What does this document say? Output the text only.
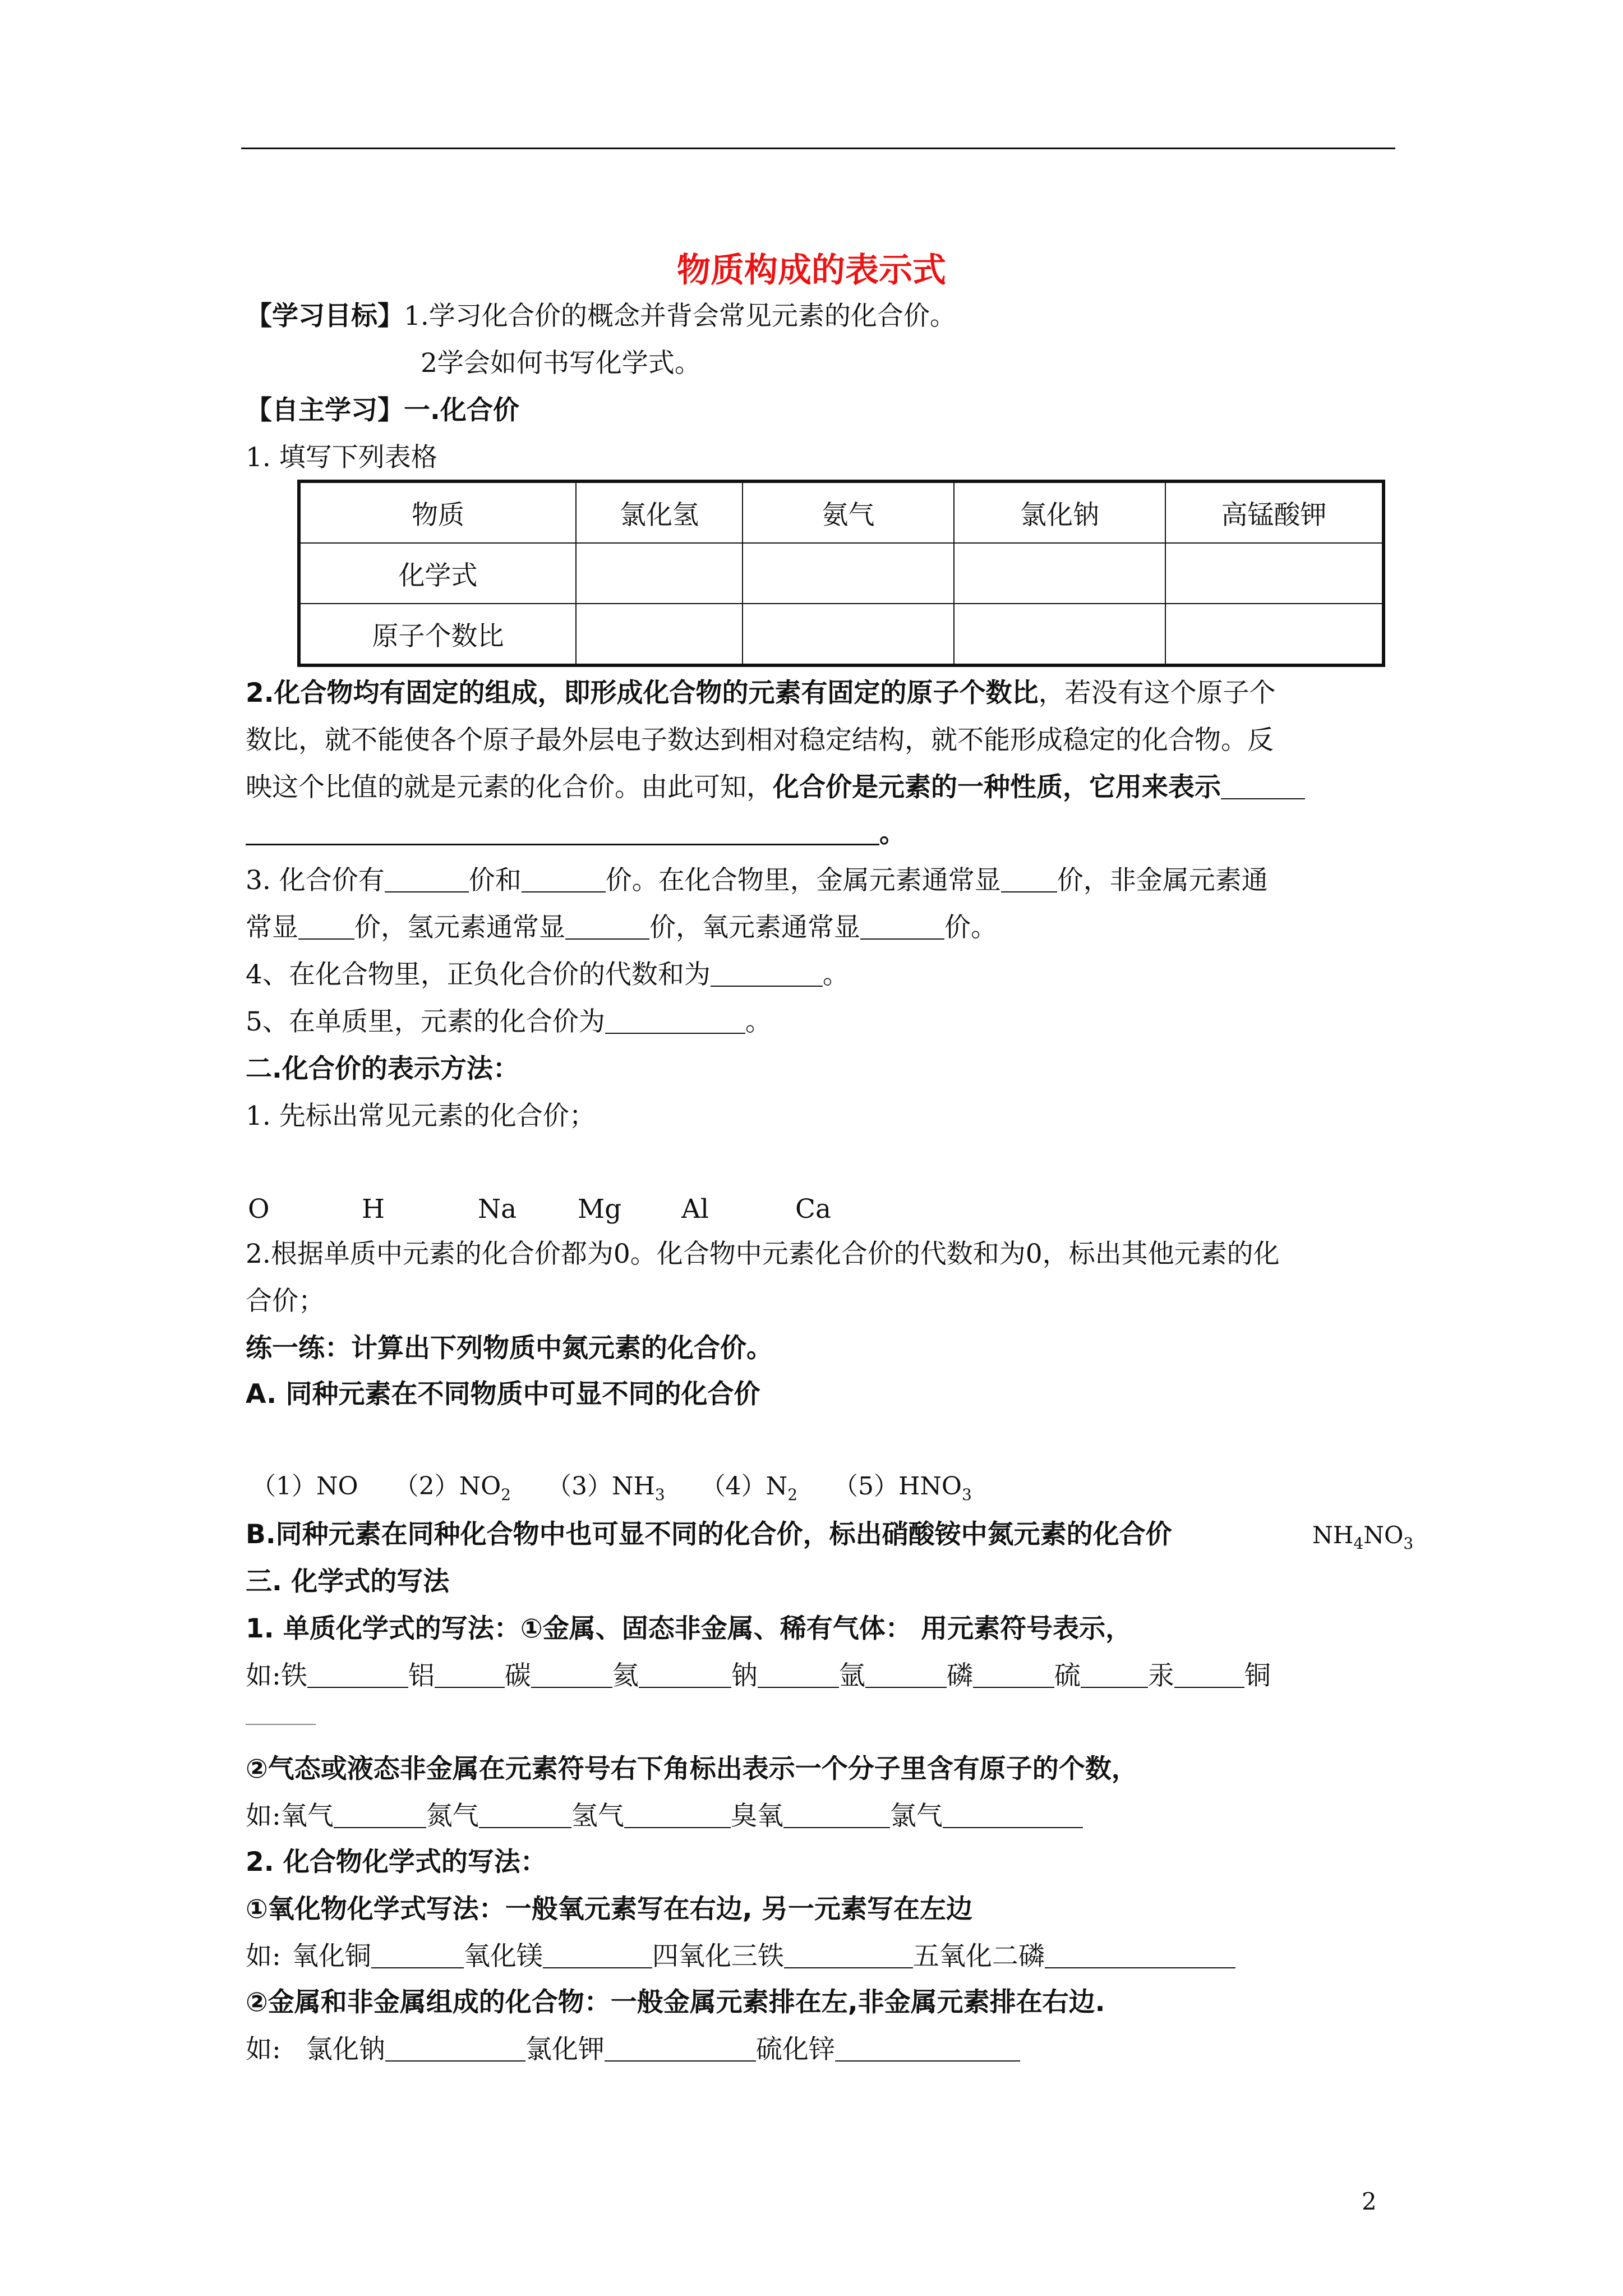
物质构成的表示式
【学习目标】1.学习化合价的概念并背会常见元素的化合价。
2学会如何书写化学式。
【自主学习】一.化合价
1. 填写下列表格
物质	氯化氢	氨气	氯化钠	高锰酸钾
化学式				
原子个数比				
2.化合物均有固定的组成，即形成化合物的元素有固定的原子个数比，若没有这个原子个
数比，就不能使各个原子最外层电子数达到相对稳定结构，就不能形成稳定的化合物。反
映这个比值的就是元素的化合价。由此可知，化合价是元素的一种性质，它用来表示
。
3. 化合价有	价和	价。在化合物里，金属元素通常显 价，非金属元素通
常显 价，氢元素通常显	价，氧元素通常显	价。
4、在化合物里，正负化合价的代数和为	。
5、在单质里，元素的化合价为	。
二.化合价的表示方法：
1. 先标出常见元素的化合价；
O	H	Na Mg Al	Ca
2.根据单质中元素的化合价都为0。化合物中元素化合价的代数和为0，标出其他元素的化
合价；
练一练：计算出下列物质中氮元素的化合价。
A. 同种元素在不同物质中可显不同的化合价
（1）NO $(2)NO_2$ $(3)NH_3$ $(4)N_2$ $(5)HNO_3$
B.同种元素在同种化合物中也可显不同的化合价，标出硝酸铵中氮元素的化合价	$NH_4NO_3$
三. 化学式的写法
1. 单质化学式的写法：①金属、固态非金属、稀有气体： 用元素符号表示，
如:铁	铝	碳	氦	钠	氩	磷	硫	汞	铜
②气态或液态非金属在元素符号右下角标出表示一个分子里含有原子的个数，
如:氧气	氮气	氢气	臭氧	氯气
2. 化合物化学式的写法：
①氧化物化学式写法：一般氧元素写在右边, 另一元素写在左边
如: 氧化铜	氧化镁	四氧化三铁	五氧化二磷
②金属和非金属组成的化合物：一般金属元素排在左,非金属元素排在右边.
如: 氯化钠	氯化钾	硫化锌
2
